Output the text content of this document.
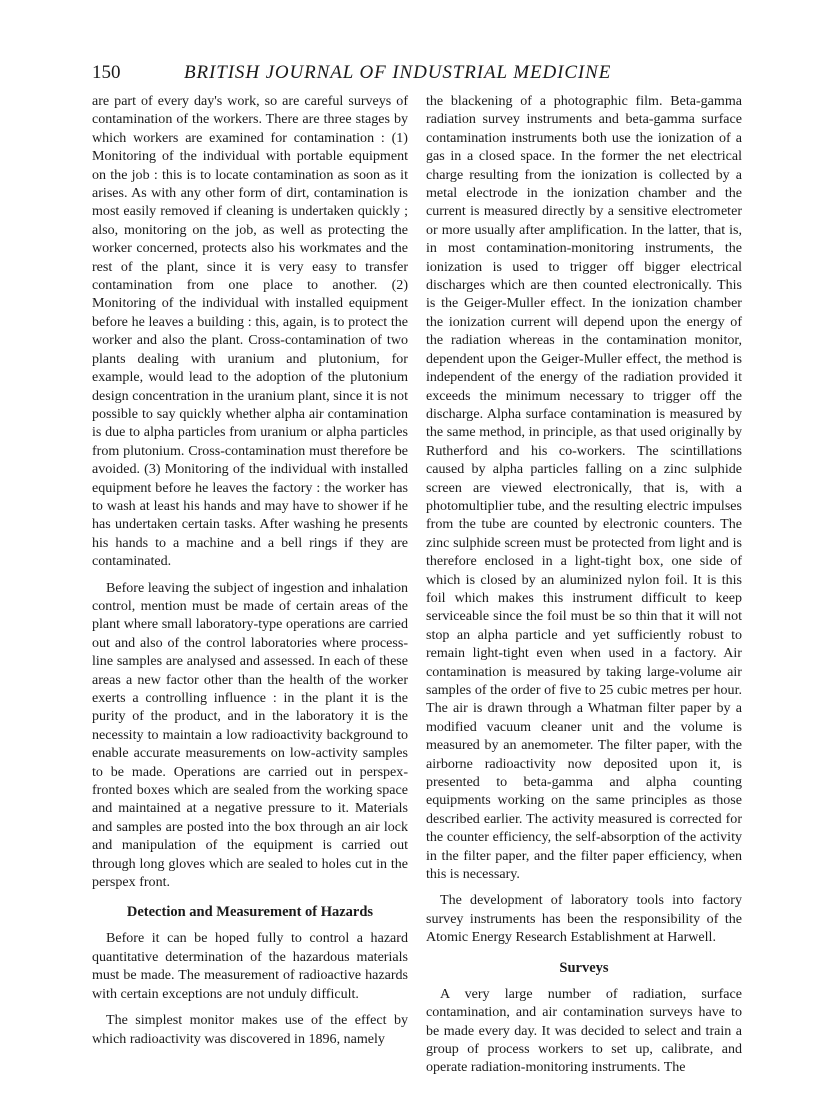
150	BRITISH JOURNAL OF INDUSTRIAL MEDICINE

are part of every day's work, so are careful surveys of contamination of the workers. There are three stages by which workers are examined for contamination : (1) Monitoring of the individual with portable equipment on the job : this is to locate contamination as soon as it arises. As with any other form of dirt, contamination is most easily removed if cleaning is undertaken quickly ; also, monitoring on the job, as well as protecting the worker concerned, protects also his workmates and the rest of the plant, since it is very easy to transfer contamination from one place to another. (2) Monitoring of the individual with installed equipment before he leaves a building : this, again, is to protect the worker and also the plant. Cross-contamination of two plants dealing with uranium and plutonium, for example, would lead to the adoption of the plutonium design concentration in the uranium plant, since it is not possible to say quickly whether alpha air contamination is due to alpha particles from uranium or alpha particles from plutonium. Cross-contamination must therefore be avoided. (3) Monitoring of the individual with installed equipment before he leaves the factory : the worker has to wash at least his hands and may have to shower if he has undertaken certain tasks. After washing he presents his hands to a machine and a bell rings if they are contaminated.

Before leaving the subject of ingestion and inhalation control, mention must be made of certain areas of the plant where small laboratory-type operations are carried out and also of the control laboratories where process-line samples are analysed and assessed. In each of these areas a new factor other than the health of the worker exerts a controlling influence : in the plant it is the purity of the product, and in the laboratory it is the necessity to maintain a low radioactivity background to enable accurate measurements on low-activity samples to be made. Operations are carried out in perspex-fronted boxes which are sealed from the working space and maintained at a negative pressure to it. Materials and samples are posted into the box through an air lock and manipulation of the equipment is carried out through long gloves which are sealed to holes cut in the perspex front.

Detection and Measurement of Hazards

Before it can be hoped fully to control a hazard quantitative determination of the hazardous materials must be made. The measurement of radioactive hazards with certain exceptions are not unduly difficult.

The simplest monitor makes use of the effect by which radioactivity was discovered in 1896, namely

the blackening of a photographic film. Beta-gamma radiation survey instruments and beta-gamma surface contamination instruments both use the ionization of a gas in a closed space. In the former the net electrical charge resulting from the ionization is collected by a metal electrode in the ionization chamber and the current is measured directly by a sensitive electrometer or more usually after amplification. In the latter, that is, in most contamination-monitoring instruments, the ionization is used to trigger off bigger electrical discharges which are then counted electronically. This is the Geiger-Muller effect. In the ionization chamber the ionization current will depend upon the energy of the radiation whereas in the contamination monitor, dependent upon the Geiger-Muller effect, the method is independent of the energy of the radiation provided it exceeds the minimum necessary to trigger off the discharge. Alpha surface contamination is measured by the same method, in principle, as that used originally by Rutherford and his co-workers. The scintillations caused by alpha particles falling on a zinc sulphide screen are viewed electronically, that is, with a photomultiplier tube, and the resulting electric impulses from the tube are counted by electronic counters. The zinc sulphide screen must be protected from light and is therefore enclosed in a light-tight box, one side of which is closed by an aluminized nylon foil. It is this foil which makes this instrument difficult to keep serviceable since the foil must be so thin that it will not stop an alpha particle and yet sufficiently robust to remain light-tight even when used in a factory. Air contamination is measured by taking large-volume air samples of the order of five to 25 cubic metres per hour. The air is drawn through a Whatman filter paper by a modified vacuum cleaner unit and the volume is measured by an anemometer. The filter paper, with the airborne radioactivity now deposited upon it, is presented to beta-gamma and alpha counting equipments working on the same principles as those described earlier. The activity measured is corrected for the counter efficiency, the self-absorption of the activity in the filter paper, and the filter paper efficiency, when this is necessary.

The development of laboratory tools into factory survey instruments has been the responsibility of the Atomic Energy Research Establishment at Harwell.

Surveys

A very large number of radiation, surface contamination, and air contamination surveys have to be made every day. It was decided to select and train a group of process workers to set up, calibrate, and operate radiation-monitoring instruments. The
